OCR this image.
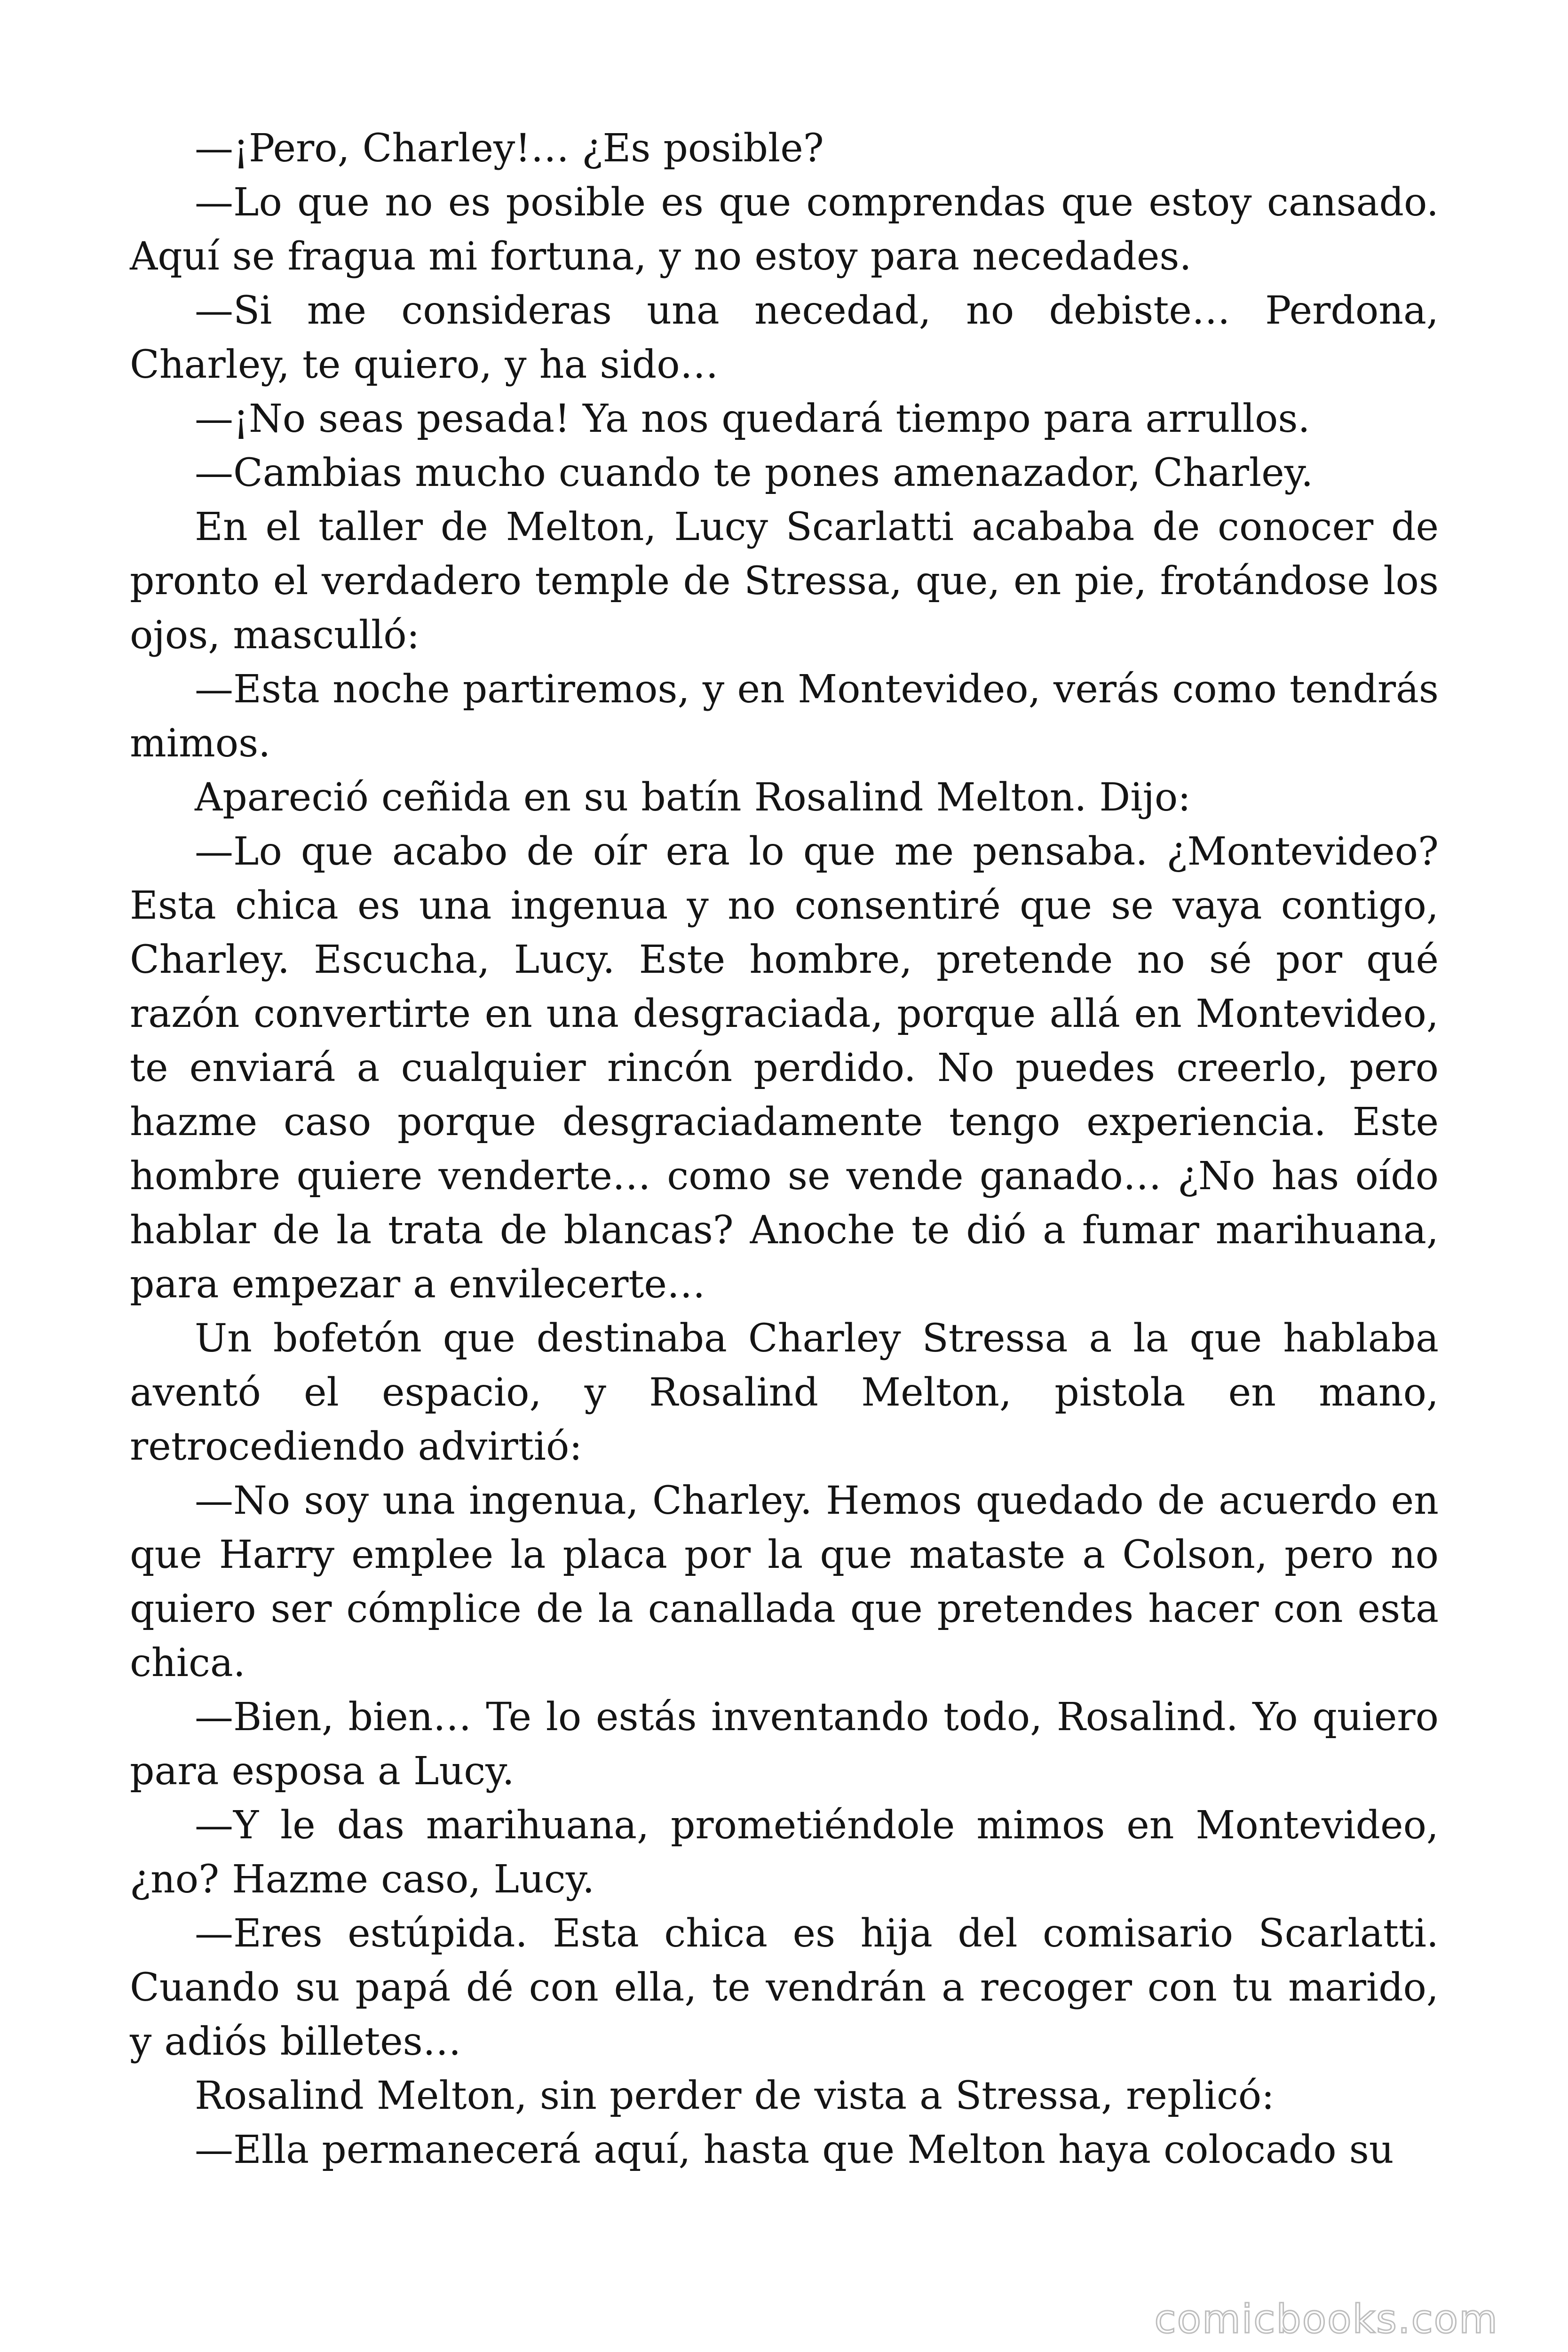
—¡Pero, Charley!… ¿Es posible?

—Lo que no es posible es que comprendas que estoy cansado. Aquí se fragua mi fortuna, y no estoy para necedades.

—Si me consideras una necedad, no debiste… Perdona, Charley, te quiero, y ha sido…

—¡No seas pesada! Ya nos quedará tiempo para arrullos.

—Cambias mucho cuando te pones amenazador, Charley.

En el taller de Melton, Lucy Scarlatti acababa de conocer de pronto el verdadero temple de Stressa, que, en pie, frotándose los ojos, masculló:

—Esta noche partiremos, y en Montevideo, verás como tendrás mimos.

Apareció ceñida en su batín Rosalind Melton. Dijo:

—Lo que acabo de oír era lo que me pensaba. ¿Montevideo? Esta chica es una ingenua y no consentiré que se vaya contigo, Charley. Escucha, Lucy. Este hombre, pretende no sé por qué razón convertirte en una desgraciada, porque allá en Montevideo, te enviará a cualquier rincón perdido. No puedes creerlo, pero hazme caso porque desgraciadamente tengo experiencia. Este hombre quiere venderte… como se vende ganado… ¿No has oído hablar de la trata de blancas? Anoche te dió a fumar marihuana, para empezar a envilecerte…

Un bofetón que destinaba Charley Stressa a la que hablaba aventó el espacio, y Rosalind Melton, pistola en mano, retrocediendo advirtió:

—No soy una ingenua, Charley. Hemos quedado de acuerdo en que Harry emplee la placa por la que mataste a Colson, pero no quiero ser cómplice de la canallada que pretendes hacer con esta chica.

—Bien, bien… Te lo estás inventando todo, Rosalind. Yo quiero para esposa a Lucy.

—Y le das marihuana, prometiéndole mimos en Montevideo, ¿no? Hazme caso, Lucy.

—Eres estúpida. Esta chica es hija del comisario Scarlatti. Cuando su papá dé con ella, te vendrán a recoger con tu marido, y adiós billetes…

Rosalind Melton, sin perder de vista a Stressa, replicó:

—Ella permanecerá aquí, hasta que Melton haya colocado su

comicbooks.com
